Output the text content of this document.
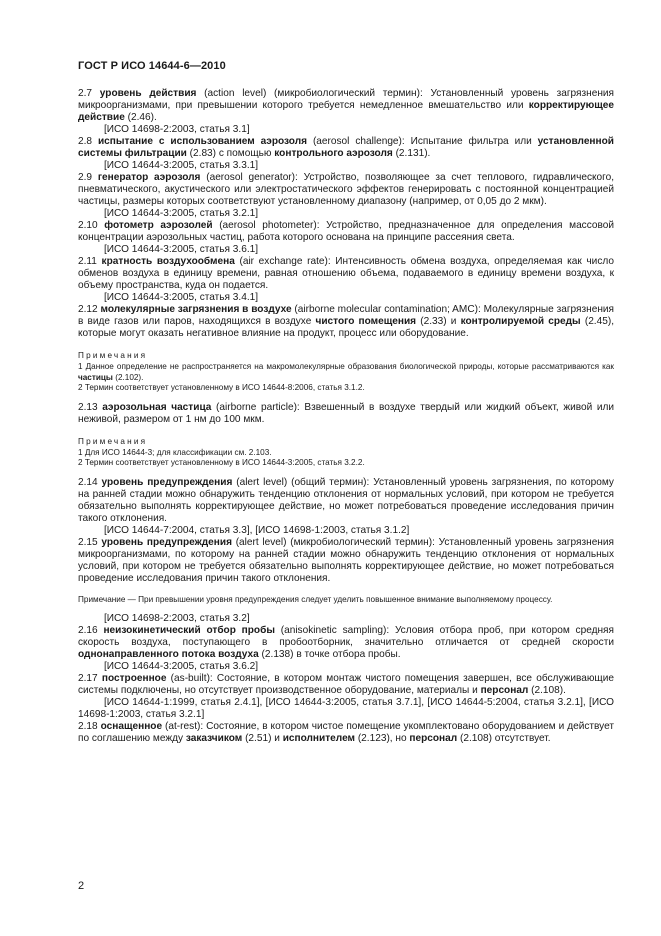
ГОСТ Р ИСО 14644-6—2010

2.7 уровень действия (action level) (микробиологический термин): Установленный уровень загрязнения микроорганизмами, при превышении которого требуется немедленное вмешательство или корректирующее действие (2.46).

[ИСО 14698-2:2003, статья 3.1]

2.8 испытание с использованием аэрозоля (aerosol challenge): Испытание фильтра или установленной системы фильтрации (2.83) с помощью контрольного аэрозоля (2.131).

[ИСО 14644-3:2005, статья 3.3.1]

2.9 генератор аэрозоля (aerosol generator): Устройство, позволяющее за счет теплового, гидравлического, пневматического, акустического или электростатического эффектов генерировать с постоянной концентрацией частицы, размеры которых соответствуют установленному диапазону (например, от 0,05 до 2 мкм).

[ИСО 14644-3:2005, статья 3.2.1]

2.10 фотометр аэрозолей (aerosol photometer): Устройство, предназначенное для определения массовой концентрации аэрозольных частиц, работа которого основана на принципе рассеяния света.

[ИСО 14644-3:2005, статья 3.6.1]

2.11 кратность воздухообмена (air exchange rate): Интенсивность обмена воздуха, определяемая как число обменов воздуха в единицу времени, равная отношению объема, подаваемого в единицу времени воздуха, к объему пространства, куда он подается.

[ИСО 14644-3:2005, статья 3.4.1]

2.12 молекулярные загрязнения в воздухе (airborne molecular contamination; AMC): Молекулярные загрязнения в виде газов или паров, находящихся в воздухе чистого помещения (2.33) и контролируемой среды (2.45), которые могут оказать негативное влияние на продукт, процесс или оборудование.

Примечания

1 Данное определение не распространяется на макромолекулярные образования биологической природы, которые рассматриваются как частицы (2.102).

2 Термин соответствует установленному в ИСО 14644-8:2006, статья 3.1.2.

2.13 аэрозольная частица (airborne particle): Взвешенный в воздухе твердый или жидкий объект, живой или неживой, размером от 1 нм до 100 мкм.

Примечания

1 Для ИСО 14644-3; для классификации см. 2.103.

2 Термин соответствует установленному в ИСО 14644-3:2005, статья 3.2.2.

2.14 уровень предупреждения (alert level) (общий термин): Установленный уровень загрязнения, по которому на ранней стадии можно обнаружить тенденцию отклонения от нормальных условий, при котором не требуется обязательно выполнять корректирующее действие, но может потребоваться проведение исследования причин такого отклонения.

[ИСО 14644-7:2004, статья 3.3], [ИСО 14698-1:2003, статья 3.1.2]

2.15 уровень предупреждения (alert level) (микробиологический термин): Установленный уровень загрязнения микроорганизмами, по которому на ранней стадии можно обнаружить тенденцию отклонения от нормальных условий, при котором не требуется обязательно выполнять корректирующее действие, но может потребоваться проведение исследования причин такого отклонения.

Примечание — При превышении уровня предупреждения следует уделить повышенное внимание выполняемому процессу.

[ИСО 14698-2:2003, статья 3.2]

2.16 неизокинетический отбор пробы (anisokinetic sampling): Условия отбора проб, при котором средняя скорость воздуха, поступающего в пробоотборник, значительно отличается от средней скорости однонаправленного потока воздуха (2.138) в точке отбора пробы.

[ИСО 14644-3:2005, статья 3.6.2]

2.17 построенное (as-built): Состояние, в котором монтаж чистого помещения завершен, все обслуживающие системы подключены, но отсутствует производственное оборудование, материалы и персонал (2.108).

[ИСО 14644-1:1999, статья 2.4.1], [ИСО 14644-3:2005, статья 3.7.1], [ИСО 14644-5:2004, статья 3.2.1], [ИСО 14698-1:2003, статья 3.2.1]

2.18 оснащенное (at-rest): Состояние, в котором чистое помещение укомплектовано оборудованием и действует по соглашению между заказчиком (2.51) и исполнителем (2.123), но персонал (2.108) отсутствует.

2
